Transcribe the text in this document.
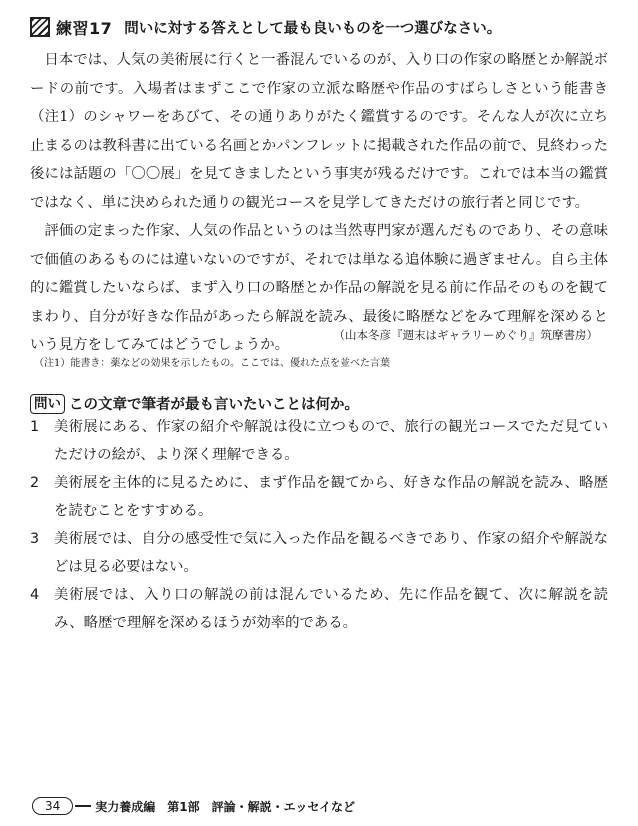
練習17 問いに対する答えとして最も良いものを一つ選びなさい。

日本では、人気の美術展に行くと一番混んでいるのが、入り口の作家の略歴とか解説ボードの前です。入場者はまずここで作家の立派な略歴や作品のすばらしさという能書き（注1）のシャワーをあびて、その通りありがたく鑑賞するのです。そんな人が次に立ち止まるのは教科書に出ている名画とかパンフレットに掲載された作品の前で、見終わった後には話題の「〇〇展」を見てきましたという事実が残るだけです。これでは本当の鑑賞ではなく、単に決められた通りの観光コースを見学してきただけの旅行者と同じです。

評価の定まった作家、人気の作品というのは当然専門家が選んだものであり、その意味で価値のあるものには違いないのですが、それでは単なる追体験に過ぎません。自ら主体的に鑑賞したいならば、まず入り口の略歴とか作品の解説を見る前に作品そのものを観てまわり、自分が好きな作品があったら解説を読み、最後に略歴などをみて理解を深めるという見方をしてみてはどうでしょうか。

（山本冬彦『週末はギャラリーめぐり』筑摩書房）
（注1）能書き：薬などの効果を示したもの。ここでは、優れた点を並べた言葉
問い この文章で筆者が最も言いたいことは何か。
1	美術展にある、作家の紹介や解説は役に立つもので、旅行の観光コースでただ見ていただけの絵が、より深く理解できる。
2	美術展を主体的に見るために、まず作品を観てから、好きな作品の解説を読み、略歴を読むことをすすめる。
3	美術展では、自分の感受性で気に入った作品を観るべきであり、作家の紹介や解説などは見る必要はない。
4	美術展では、入り口の解説の前は混んでいるため、先に作品を観て、次に解説を読み、略歴で理解を深めるほうが効率的である。
34	実力養成編　第1部　評論・解説・エッセイなど
